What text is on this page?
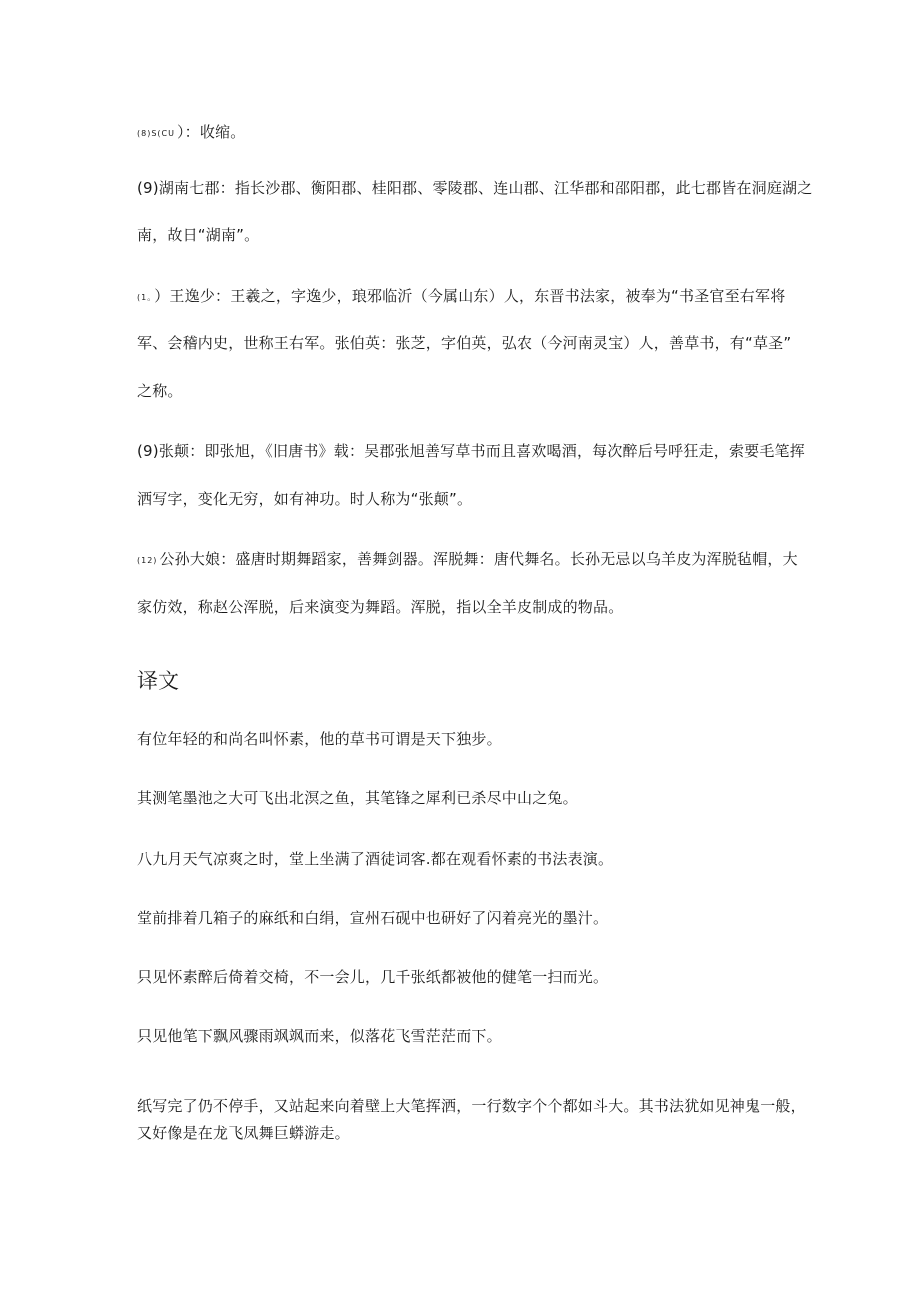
(8)S(CU ）：收缩。
(9)湖南七郡：指长沙郡、衡阳郡、桂阳郡、零陵郡、连山郡、江华郡和邵阳郡，此七郡皆在洞庭湖之
南，故日“湖南”。
(1。 ）王逸少：王羲之，字逸少，琅邪临沂（今属山东）人，东晋书法家，被奉为“书圣官至右军将
军、会稽内史，世称王右军。张伯英：张芝，字伯英，弘农（今河南灵宝）人，善草书，有“草圣”
之称。
(9)张颠：即张旭，《旧唐书》载：吴郡张旭善写草书而且喜欢喝酒，每次醉后号呼狂走，索要毛笔挥
洒写字，变化无穷，如有神功。时人称为“张颠”。
(12) 公孙大娘：盛唐时期舞蹈家，善舞剑器。浑脱舞：唐代舞名。长孙无忌以乌羊皮为浑脱毡帽，大
家仿效，称赵公浑脱，后来演变为舞蹈。浑脱，指以全羊皮制成的物品。
译文
有位年轻的和尚名叫怀素，他的草书可谓是天下独步。
其测笔墨池之大可飞出北溟之鱼，其笔锋之犀利已杀尽中山之兔。
八九月天气凉爽之时，堂上坐满了酒徒词客.都在观看怀素的书法表演。
堂前排着几箱子的麻纸和白绢，宣州石砚中也研好了闪着亮光的墨汁。
只见怀素醉后倚着交椅，不一会儿，几千张纸都被他的健笔一扫而光。
只见他笔下飘风骤雨飒飒而来，似落花飞雪茫茫而下。
纸写完了仍不停手，又站起来向着壁上大笔挥洒，一行数字个个都如斗大。其书法犹如见神鬼一般，
又好像是在龙飞凤舞巨蟒游走。
